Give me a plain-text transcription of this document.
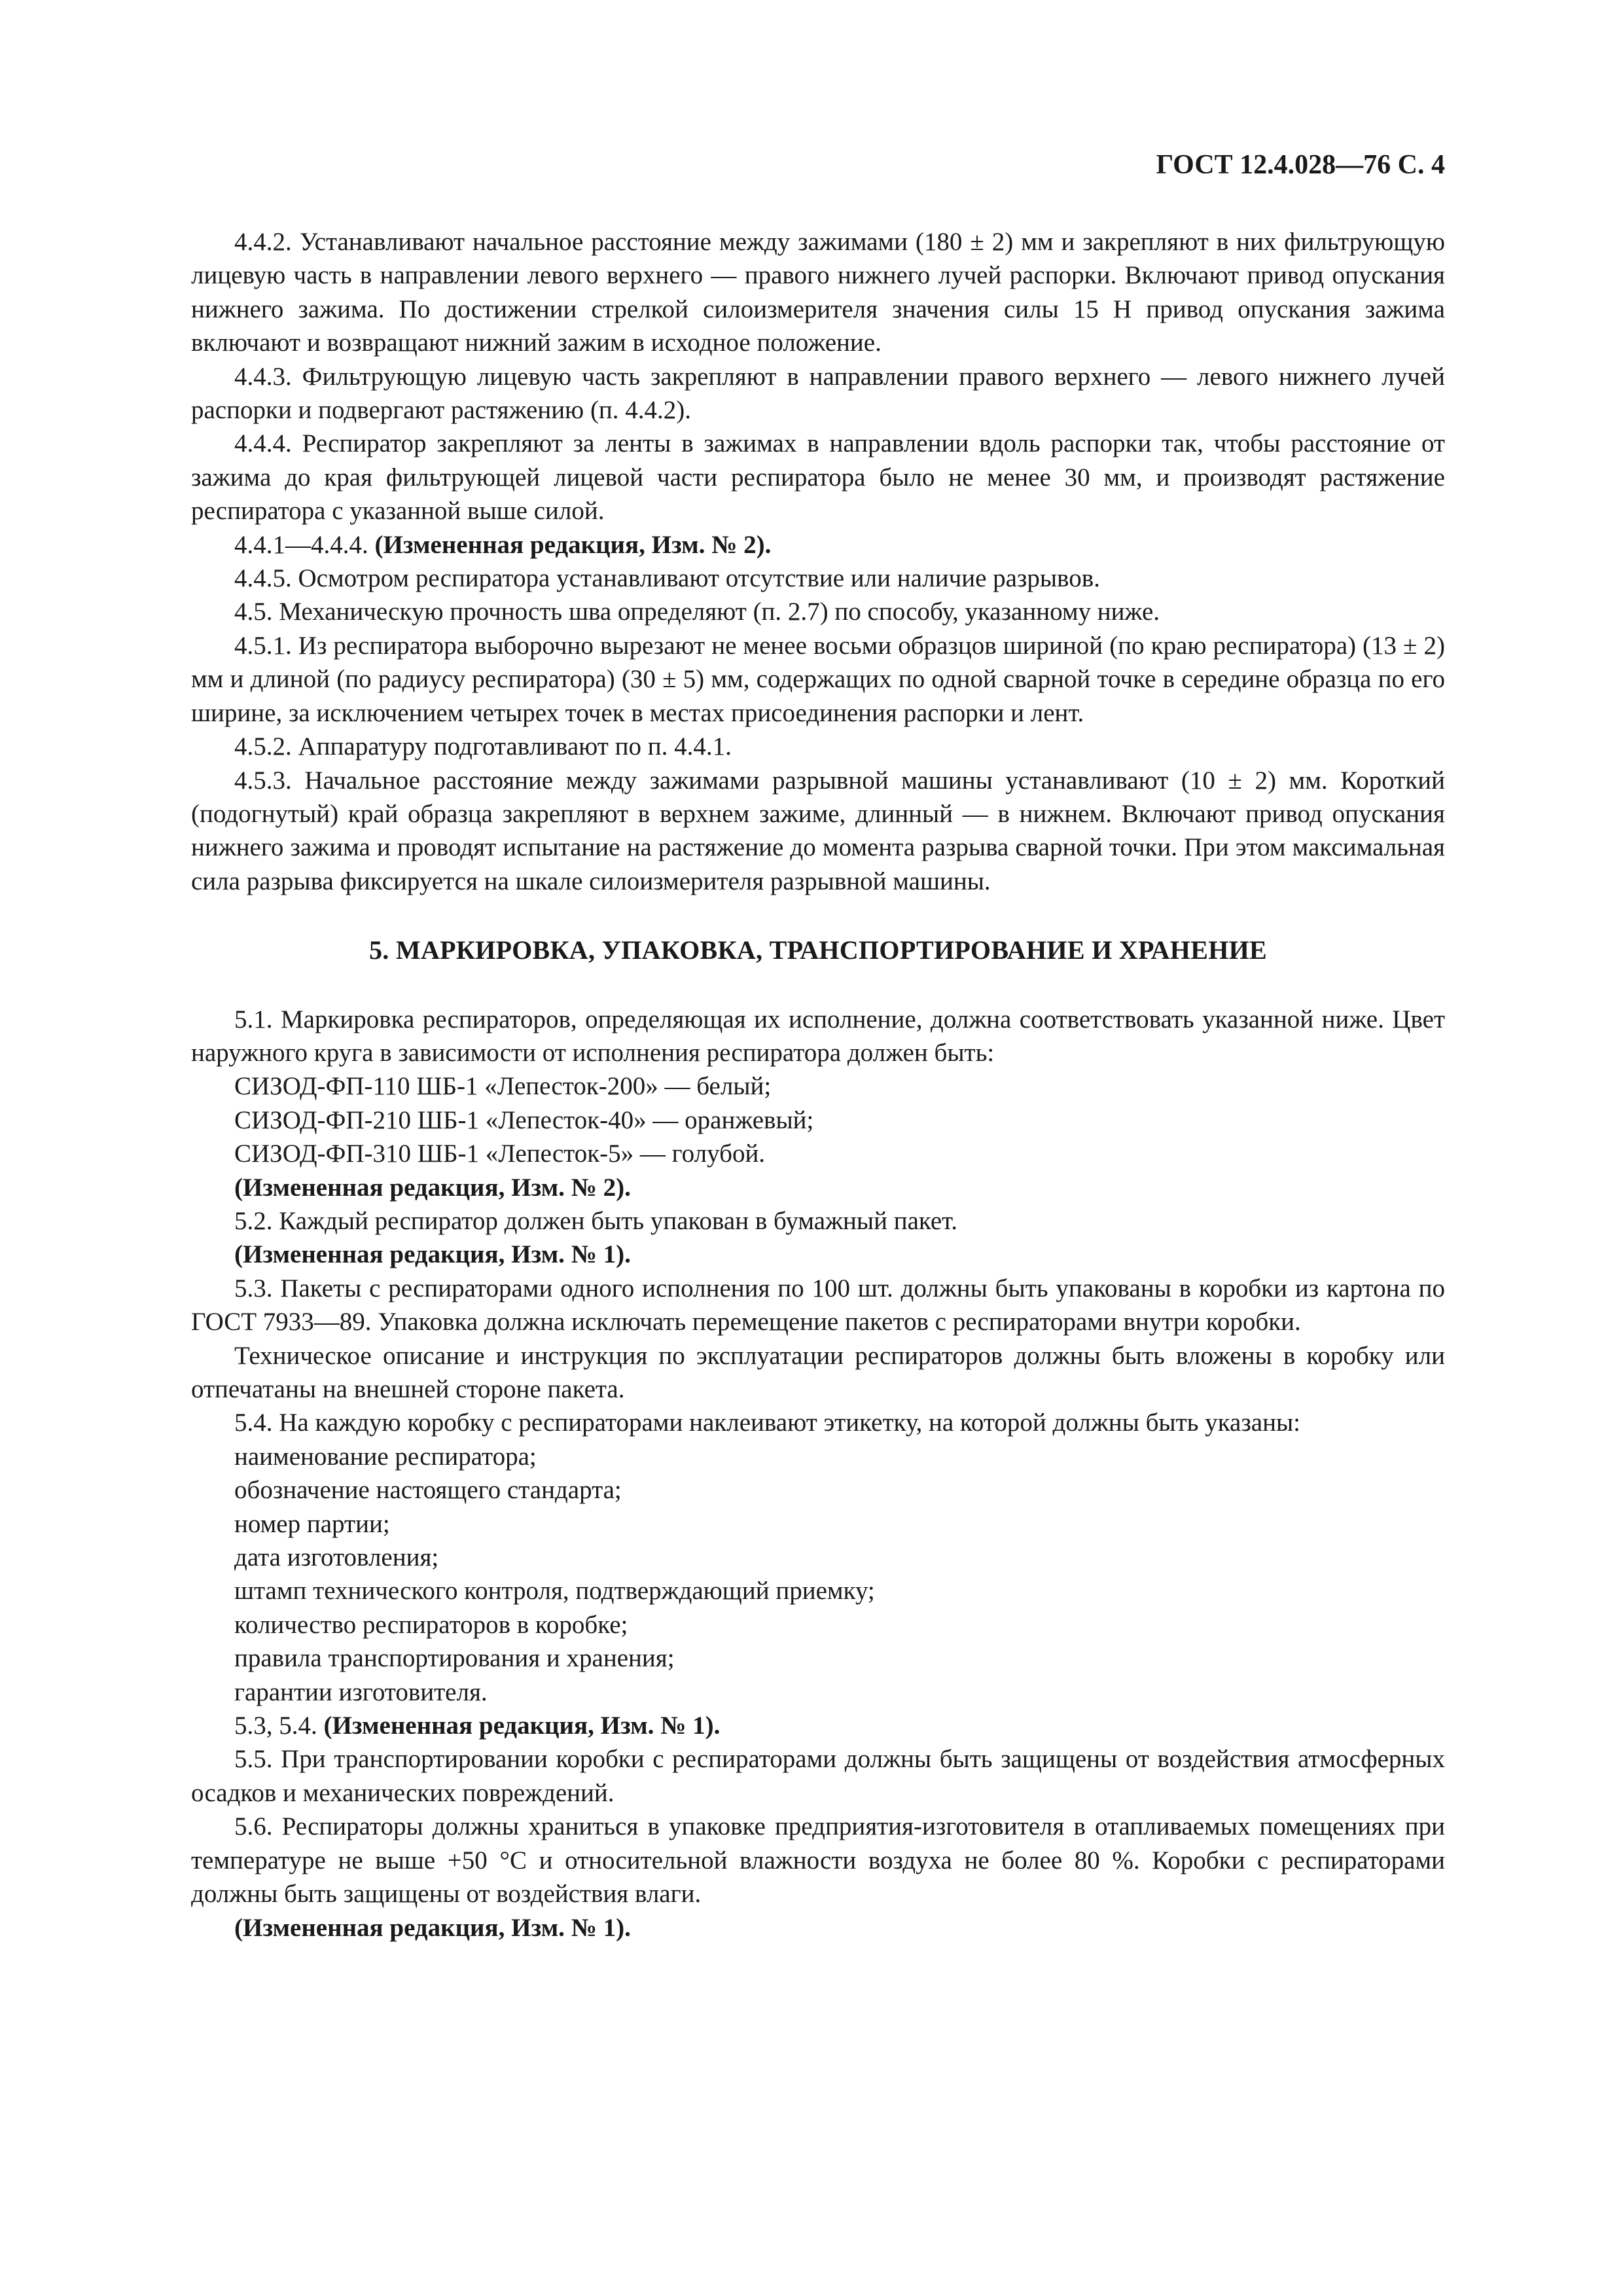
ГОСТ 12.4.028—76 С. 4

4.4.2. Устанавливают начальное расстояние между зажимами (180 ± 2) мм и закрепляют в них фильтрующую лицевую часть в направлении левого верхнего — правого нижнего лучей распорки. Включают привод опускания нижнего зажима. По достижении стрелкой силоизмерителя значения силы 15 Н привод опускания зажима включают и возвращают нижний зажим в исходное положение.

4.4.3. Фильтрующую лицевую часть закрепляют в направлении правого верхнего — левого нижнего лучей распорки и подвергают растяжению (п. 4.4.2).

4.4.4. Респиратор закрепляют за ленты в зажимах в направлении вдоль распорки так, чтобы расстояние от зажима до края фильтрующей лицевой части респиратора было не менее 30 мм, и производят растяжение респиратора с указанной выше силой.

4.4.1—4.4.4. (Измененная редакция, Изм. № 2).

4.4.5. Осмотром респиратора устанавливают отсутствие или наличие разрывов.

4.5. Механическую прочность шва определяют (п. 2.7) по способу, указанному ниже.

4.5.1. Из респиратора выборочно вырезают не менее восьми образцов шириной (по краю респиратора) (13 ± 2) мм и длиной (по радиусу респиратора) (30 ± 5) мм, содержащих по одной сварной точке в середине образца по его ширине, за исключением четырех точек в местах присоединения распорки и лент.

4.5.2. Аппаратуру подготавливают по п. 4.4.1.

4.5.3. Начальное расстояние между зажимами разрывной машины устанавливают (10 ± 2) мм. Короткий (подогнутый) край образца закрепляют в верхнем зажиме, длинный — в нижнем. Включают привод опускания нижнего зажима и проводят испытание на растяжение до момента разрыва сварной точки. При этом максимальная сила разрыва фиксируется на шкале силоизмерителя разрывной машины.

5. МАРКИРОВКА, УПАКОВКА, ТРАНСПОРТИРОВАНИЕ И ХРАНЕНИЕ

5.1. Маркировка респираторов, определяющая их исполнение, должна соответствовать указанной ниже. Цвет наружного круга в зависимости от исполнения респиратора должен быть:

СИЗОД-ФП-110 ШБ-1 «Лепесток-200» — белый;

СИЗОД-ФП-210 ШБ-1 «Лепесток-40» — оранжевый;

СИЗОД-ФП-310 ШБ-1 «Лепесток-5» — голубой.

(Измененная редакция, Изм. № 2).

5.2. Каждый респиратор должен быть упакован в бумажный пакет.

(Измененная редакция, Изм. № 1).

5.3. Пакеты с респираторами одного исполнения по 100 шт. должны быть упакованы в коробки из картона по ГОСТ 7933—89. Упаковка должна исключать перемещение пакетов с респираторами внутри коробки.

Техническое описание и инструкция по эксплуатации респираторов должны быть вложены в коробку или отпечатаны на внешней стороне пакета.

5.4. На каждую коробку с респираторами наклеивают этикетку, на которой должны быть указаны:

наименование респиратора;

обозначение настоящего стандарта;

номер партии;

дата изготовления;

штамп технического контроля, подтверждающий приемку;

количество респираторов в коробке;

правила транспортирования и хранения;

гарантии изготовителя.

5.3, 5.4. (Измененная редакция, Изм. № 1).

5.5. При транспортировании коробки с респираторами должны быть защищены от воздействия атмосферных осадков и механических повреждений.

5.6. Респираторы должны храниться в упаковке предприятия-изготовителя в отапливаемых помещениях при температуре не выше +50 °С и относительной влажности воздуха не более 80 %. Коробки с респираторами должны быть защищены от воздействия влаги.

(Измененная редакция, Изм. № 1).
